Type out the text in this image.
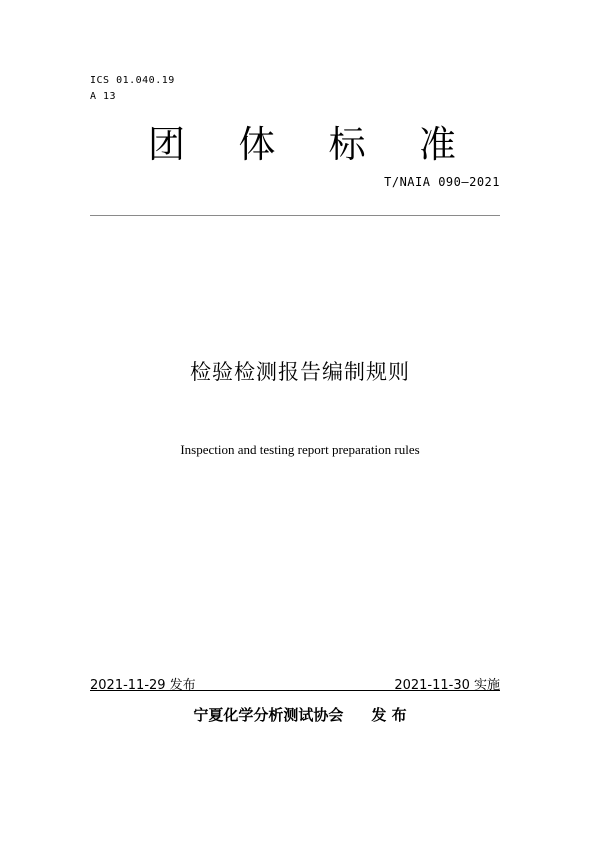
ICS 01.040.19
A 13
团 体 标 准
T/NAIA 090—2021
检验检测报告编制规则
Inspection and testing report preparation rules
2021-11-29 发布	2021-11-30 实施
宁夏化学分析测试协会 发 布
